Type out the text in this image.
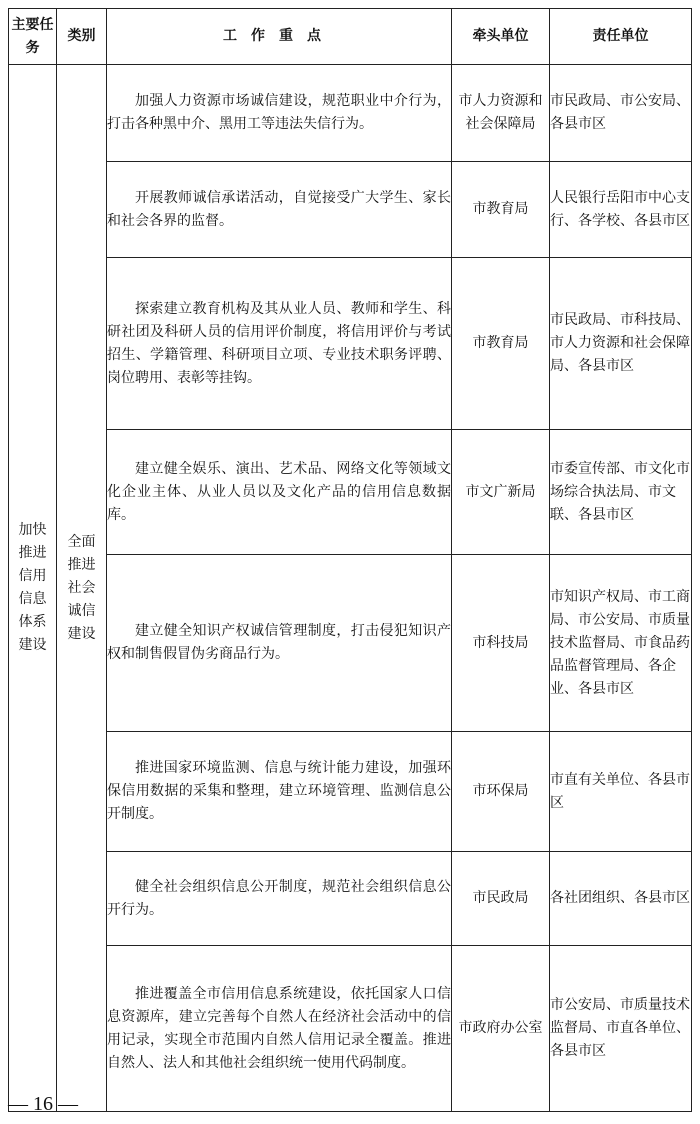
主要任务	类别	工作重点	牵头单位	责任单位

加快推进信用信息体系建设	全面推进社会诚信建设	加强人力资源市场诚信建设，规范职业中介行为，打击各种黑中介、黑用工等违法失信行为。	市人力资源和社会保障局	市民政局、市公安局、各县市区

		开展教师诚信承诺活动，自觉接受广大学生、家长和社会各界的监督。	市教育局	人民银行岳阳市中心支行、各学校、各县市区

		探索建立教育机构及其从业人员、教师和学生、科研社团及科研人员的信用评价制度，将信用评价与考试招生、学籍管理、科研项目立项、专业技术职务评聘、岗位聘用、表彰等挂钩。	市教育局	市民政局、市科技局、市人力资源和社会保障局、各县市区

		建立健全娱乐、演出、艺术品、网络文化等领域文化企业主体、从业人员以及文化产品的信用信息数据库。	市文广新局	市委宣传部、市文化市场综合执法局、市文联、各县市区

		建立健全知识产权诚信管理制度，打击侵犯知识产权和制售假冒伪劣商品行为。	市科技局	市知识产权局、市工商局、市公安局、市质量技术监督局、市食品药品监督管理局、各企业、各县市区

		推进国家环境监测、信息与统计能力建设，加强环保信用数据的采集和整理，建立环境管理、监测信息公开制度。	市环保局	市直有关单位、各县市区

		健全社会组织信息公开制度，规范社会组织信息公开行为。	市民政局	各社团组织、各县市区

		推进覆盖全市信用信息系统建设，依托国家人口信息资源库，建立完善每个自然人在经济社会活动中的信用记录，实现全市范围内自然人信用记录全覆盖。推进自然人、法人和其他社会组织统一使用代码制度。	市政府办公室	市公安局、市质量技术监督局、市直各单位、各县市区
— 16 —
